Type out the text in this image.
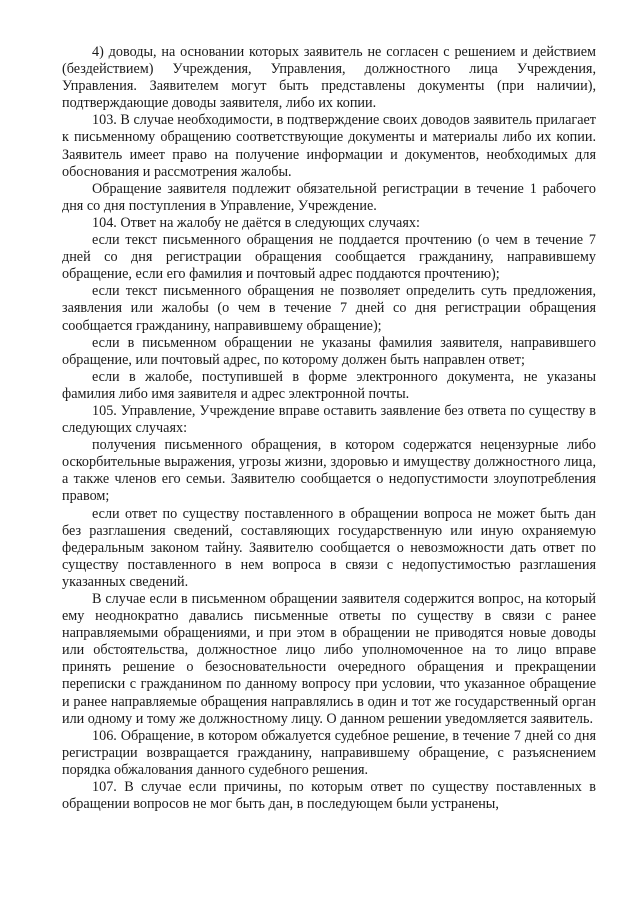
4) доводы, на основании которых заявитель не согласен с решением и действием (бездействием) Учреждения, Управления, должностного лица Учреждения, Управления. Заявителем могут быть представлены документы (при наличии), подтверждающие доводы заявителя, либо их копии.

103. В случае необходимости, в подтверждение своих доводов заявитель прилагает к письменному обращению соответствующие документы и материалы либо их копии. Заявитель имеет право на получение информации и документов, необходимых для обоснования и рассмотрения жалобы.

Обращение заявителя подлежит обязательной регистрации в течение 1 рабочего дня со дня поступления в Управление, Учреждение.

104. Ответ на жалобу не даётся в следующих случаях:

если текст письменного обращения не поддается прочтению (о чем в течение 7 дней со дня регистрации обращения сообщается гражданину, направившему обращение, если его фамилия и почтовый адрес поддаются прочтению);

если текст письменного обращения не позволяет определить суть предложения, заявления или жалобы (о чем в течение 7 дней со дня регистрации обращения сообщается гражданину, направившему обращение);

если в письменном обращении не указаны фамилия заявителя, направившего обращение, или почтовый адрес, по которому должен быть направлен ответ;

если в жалобе, поступившей в форме электронного документа, не указаны фамилия либо имя заявителя и адрес электронной почты.

105. Управление, Учреждение вправе оставить заявление без ответа по существу в следующих случаях:

получения письменного обращения, в котором содержатся нецензурные либо оскорбительные выражения, угрозы жизни, здоровью и имуществу должностного лица, а также членов его семьи. Заявителю сообщается о недопустимости злоупотребления правом;

если ответ по существу поставленного в обращении вопроса не может быть дан без разглашения сведений, составляющих государственную или иную охраняемую федеральным законом тайну. Заявителю сообщается о невозможности дать ответ по существу поставленного в нем вопроса в связи с недопустимостью разглашения указанных сведений.

В случае если в письменном обращении заявителя содержится вопрос, на который ему неоднократно давались письменные ответы по существу в связи с ранее направляемыми обращениями, и при этом в обращении не приводятся новые доводы или обстоятельства, должностное лицо либо уполномоченное на то лицо вправе принять решение о безосновательности очередного обращения и прекращении переписки с гражданином по данному вопросу при условии, что указанное обращение и ранее направляемые обращения направлялись в один и тот же государственный орган или одному и тому же должностному лицу. О данном решении уведомляется заявитель.

106. Обращение, в котором обжалуется судебное решение, в течение 7 дней со дня регистрации возвращается гражданину, направившему обращение, с разъяснением порядка обжалования данного судебного решения.

107. В случае если причины, по которым ответ по существу поставленных в обращении вопросов не мог быть дан, в последующем были устранены,
